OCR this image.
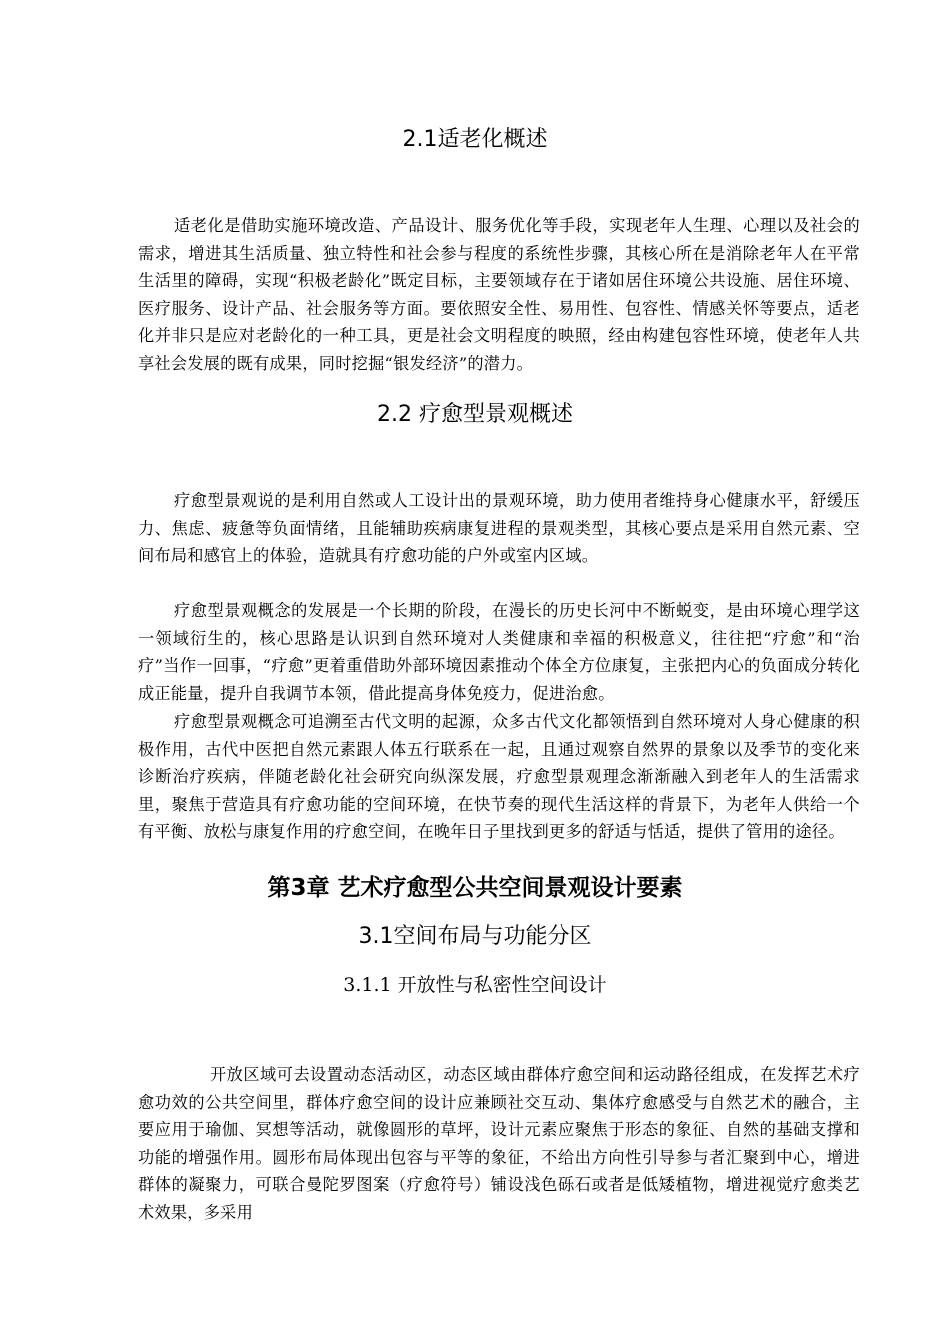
2.1适老化概述

适老化是借助实施环境改造、产品设计、服务优化等手段，实现老年人生理、心理以及社会的需求，增进其生活质量、独立特性和社会参与程度的系统性步骤，其核心所在是消除老年人在平常生活里的障碍，实现“积极老龄化”既定目标，主要领域存在于诸如居住环境公共设施、居住环境、医疗服务、设计产品、社会服务等方面。要依照安全性、易用性、包容性、情感关怀等要点，适老化并非只是应对老龄化的一种工具，更是社会文明程度的映照，经由构建包容性环境，使老年人共享社会发展的既有成果，同时挖掘“银发经济”的潜力。

2.2 疗愈型景观概述

疗愈型景观说的是利用自然或人工设计出的景观环境，助力使用者维持身心健康水平，舒缓压力、焦虑、疲惫等负面情绪，且能辅助疾病康复进程的景观类型，其核心要点是采用自然元素、空间布局和感官上的体验，造就具有疗愈功能的户外或室内区域。

疗愈型景观概念的发展是一个长期的阶段，在漫长的历史长河中不断蜕变，是由环境心理学这一领域衍生的，核心思路是认识到自然环境对人类健康和幸福的积极意义，往往把“疗愈”和“治疗”当作一回事，“疗愈”更着重借助外部环境因素推动个体全方位康复，主张把内心的负面成分转化成正能量，提升自我调节本领，借此提高身体免疫力，促进治愈。

疗愈型景观概念可追溯至古代文明的起源，众多古代文化都领悟到自然环境对人身心健康的积极作用，古代中医把自然元素跟人体五行联系在一起，且通过观察自然界的景象以及季节的变化来诊断治疗疾病，伴随老龄化社会研究向纵深发展，疗愈型景观理念渐渐融入到老年人的生活需求里，聚焦于营造具有疗愈功能的空间环境，在快节奏的现代生活这样的背景下，为老年人供给一个有平衡、放松与康复作用的疗愈空间，在晚年日子里找到更多的舒适与恬适，提供了管用的途径。

第3章 艺术疗愈型公共空间景观设计要素
3.1空间布局与功能分区
3.1.1 开放性与私密性空间设计

开放区域可去设置动态活动区，动态区域由群体疗愈空间和运动路径组成，在发挥艺术疗愈功效的公共空间里，群体疗愈空间的设计应兼顾社交互动、集体疗愈感受与自然艺术的融合，主要应用于瑜伽、冥想等活动，就像圆形的草坪，设计元素应聚焦于形态的象征、自然的基础支撑和功能的增强作用。圆形布局体现出包容与平等的象征，不给出方向性引导参与者汇聚到中心，增进群体的凝聚力，可联合曼陀罗图案（疗愈符号）铺设浅色砾石或者是低矮植物，增进视觉疗愈类艺术效果，多采用
